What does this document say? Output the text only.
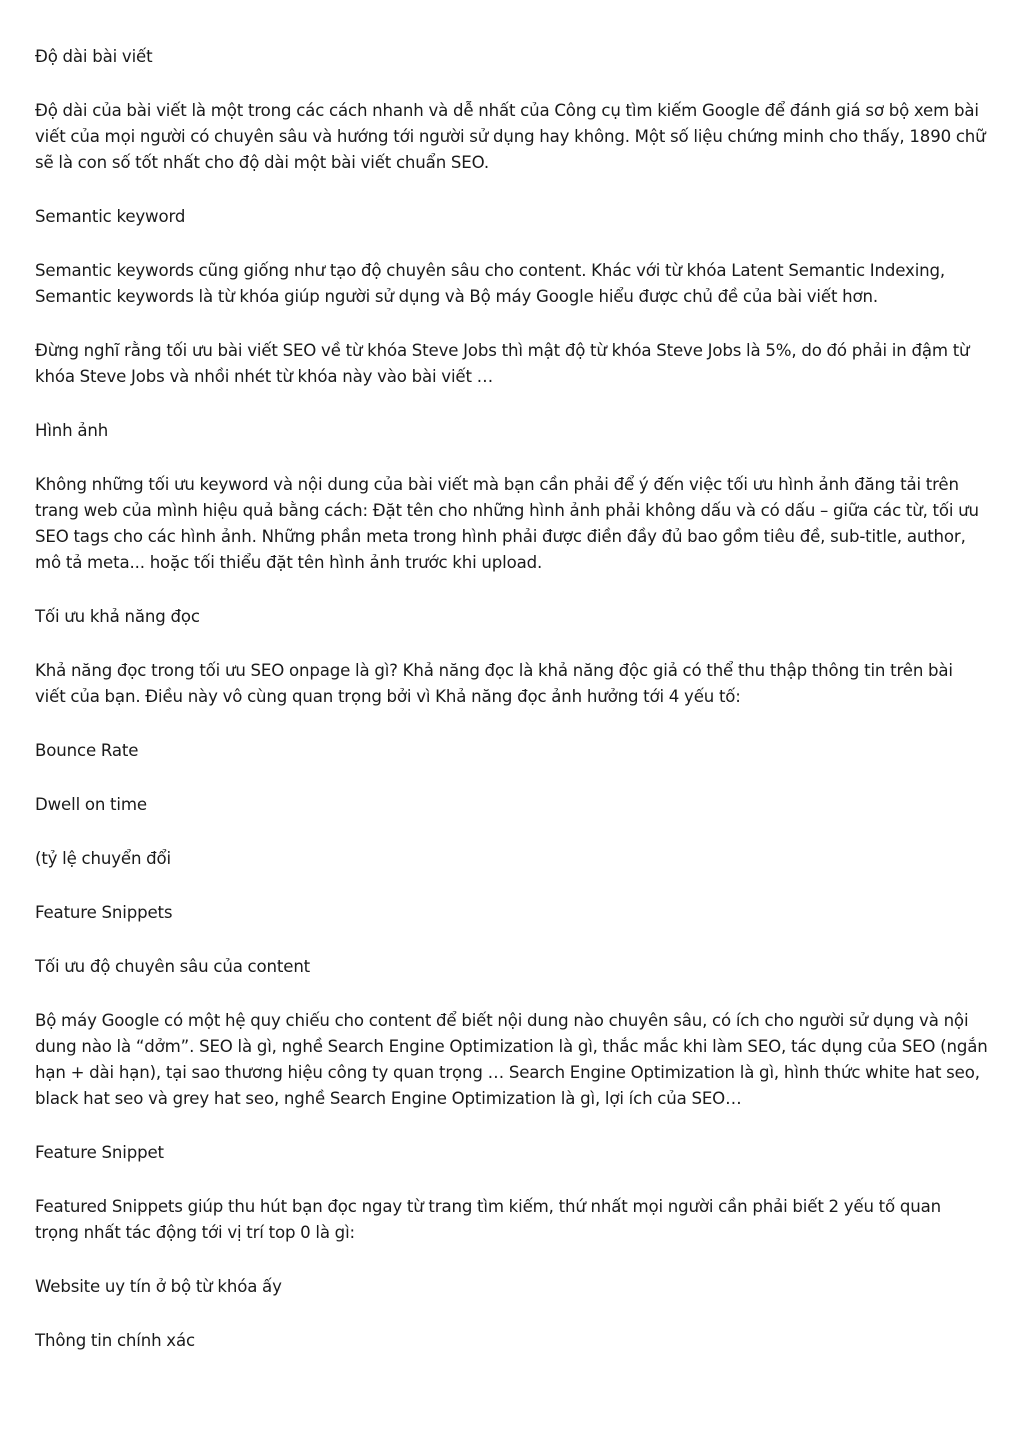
Độ dài bài viết

Độ dài của bài viết là một trong các cách nhanh và dễ nhất của Công cụ tìm kiếm Google để đánh giá sơ bộ xem bài viết của mọi người có chuyên sâu và hướng tới người sử dụng hay không. Một số liệu chứng minh cho thấy, 1890 chữ sẽ là con số tốt nhất cho độ dài một bài viết chuẩn SEO.

Semantic keyword

Semantic keywords cũng giống như tạo độ chuyên sâu cho content. Khác với từ khóa Latent Semantic Indexing, Semantic keywords là từ khóa giúp người sử dụng và Bộ máy Google hiểu được chủ đề của bài viết hơn.

Đừng nghĩ rằng tối ưu bài viết SEO về từ khóa Steve Jobs thì mật độ từ khóa Steve Jobs là 5%, do đó phải in đậm từ khóa Steve Jobs và nhồi nhét từ khóa này vào bài viết …

Hình ảnh

Không những tối ưu keyword và nội dung của bài viết mà bạn cần phải để ý đến việc tối ưu hình ảnh đăng tải trên trang web của mình hiệu quả bằng cách: Đặt tên cho những hình ảnh phải không dấu và có dấu – giữa các từ, tối ưu SEO tags cho các hình ảnh. Những phần meta trong hình phải được điền đầy đủ bao gồm tiêu đề, sub-title, author, mô tả meta... hoặc tối thiểu đặt tên hình ảnh trước khi upload.

Tối ưu khả năng đọc

Khả năng đọc trong tối ưu SEO onpage là gì? Khả năng đọc là khả năng độc giả có thể thu thập thông tin trên bài viết của bạn. Điều này vô cùng quan trọng bởi vì Khả năng đọc ảnh hưởng tới 4 yếu tố:

Bounce Rate

Dwell on time

(tỷ lệ chuyển đổi

Feature Snippets

Tối ưu độ chuyên sâu của content

Bộ máy Google có một hệ quy chiếu cho content để biết nội dung nào chuyên sâu, có ích cho người sử dụng và nội dung nào là “dởm”. SEO là gì, nghề Search Engine Optimization là gì, thắc mắc khi làm SEO, tác dụng của SEO (ngắn hạn + dài hạn), tại sao thương hiệu công ty quan trọng … Search Engine Optimization là gì, hình thức white hat seo, black hat seo và grey hat seo, nghề Search Engine Optimization là gì, lợi ích của SEO…

Feature Snippet

Featured Snippets giúp thu hút bạn đọc ngay từ trang tìm kiếm, thứ nhất mọi người cần phải biết 2 yếu tố quan trọng nhất tác động tới vị trí top 0 là gì:

Website uy tín ở bộ từ khóa ấy

Thông tin chính xác
